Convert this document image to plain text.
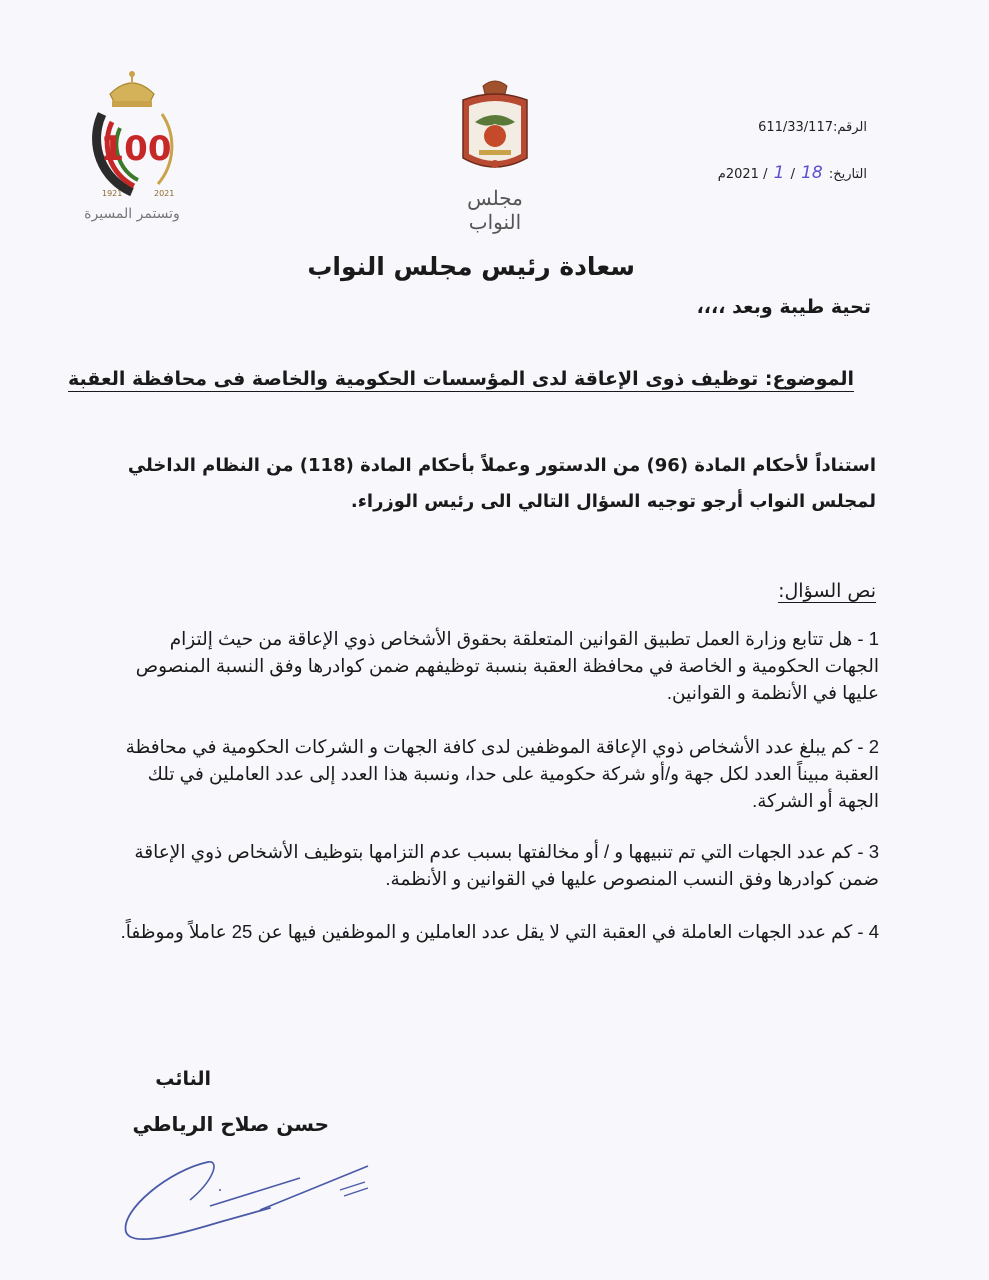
الرقم:611/33/117
التاريخ: 18 / 1 / 2021م
100
1921	2021
وتستمر المسيرة
مجلس النواب
سعادة رئيس مجلس النواب
تحية طيبة وبعد ،،،،
الموضوع: توظيف ذوى الإعاقة لدى المؤسسات الحكومية والخاصة فى محافظة العقبة
استناداً لأحكام المادة (96) من الدستور وعملاً بأحكام المادة (118) من النظام الداخلي لمجلس النواب أرجو توجيه السؤال التالي الى رئيس الوزراء.
نص السؤال:
1 - هل تتابع وزارة العمل تطبيق القوانين المتعلقة بحقوق الأشخاص ذوي الإعاقة من حيث إلتزام الجهات الحكومية و الخاصة في محافظة العقبة بنسبة توظيفهم ضمن كوادرها وفق النسبة المنصوص عليها في الأنظمة و القوانين.
2 - كم يبلغ عدد الأشخاص ذوي الإعاقة الموظفين لدى كافة الجهات و الشركات الحكومية في محافظة العقبة مبيناً العدد لكل جهة و/أو شركة حكومية على حدا، ونسبة هذا العدد إلى عدد العاملين في تلك الجهة أو الشركة.
3 - كم عدد الجهات التي تم تنبيهها و / أو مخالفتها بسبب عدم التزامها بتوظيف الأشخاص ذوي الإعاقة ضمن كوادرها وفق النسب المنصوص عليها في القوانين و الأنظمة.
4 - كم عدد الجهات العاملة في العقبة التي لا يقل عدد العاملين و الموظفين فيها عن 25 عاملاً وموظفاً.
النائب
حسن صلاح الرياطي
